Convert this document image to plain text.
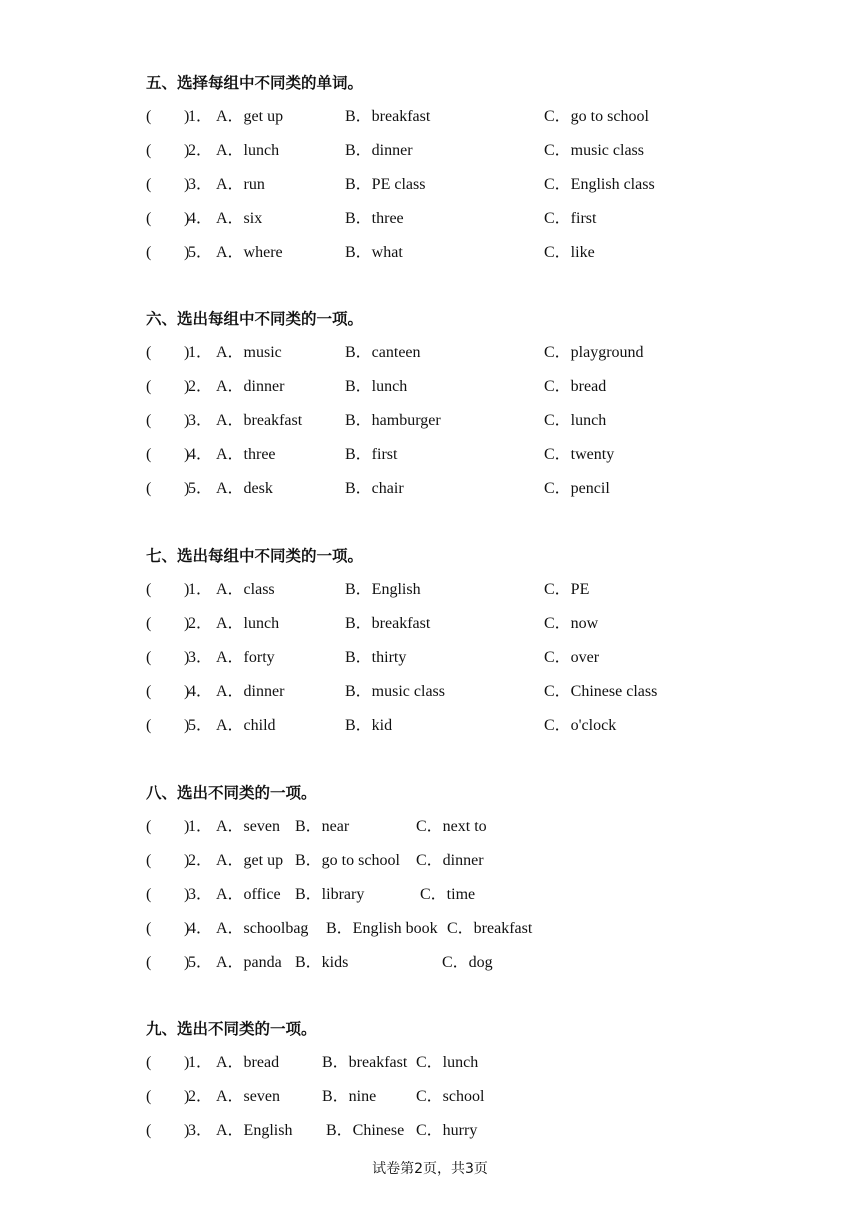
五、选择每组中不同类的单词。
( )
1． A．get up	B．breakfast	C．go to school
( )
2． A．lunch	B．dinner	C．music class
( )
3． A．run	B．PE class	C．English class
( )
4． A．six	B．three	C．first
( )
5． A．where	B．what	C．like
六、选出每组中不同类的一项。
( )
1． A．music	B．canteen	C．playground
( )
2． A．dinner	B．lunch	C．bread
( )
3． A．breakfast	B．hamburger	C．lunch
( )
4． A．three	B．first	C．twenty
( )
5． A．desk	B．chair	C．pencil
七、选出每组中不同类的一项。
( )
1． A．class	B．English	C．PE
( )
2． A．lunch	B．breakfast	C．now
( )
3． A．forty	B．thirty	C．over
( )
4． A．dinner	B．music class	C．Chinese class
( )
5． A．child	B．kid	C．o'clock
八、选出不同类的一项。
( )
1． A．seven B．near	C．next to
( )
2． A．get up B．go to school C．dinner
( )
3． A．office B．library	C．time
( )
4． A．schoolbag B．English book C．breakfast
( )
5． A．panda B．kids	C．dog
九、选出不同类的一项。
( )
1． A．bread	B．breakfast C．lunch
( )
2． A．seven	B．nine C．school
( )
3． A．English B．Chinese C．hurry
试卷第2页，共3页
